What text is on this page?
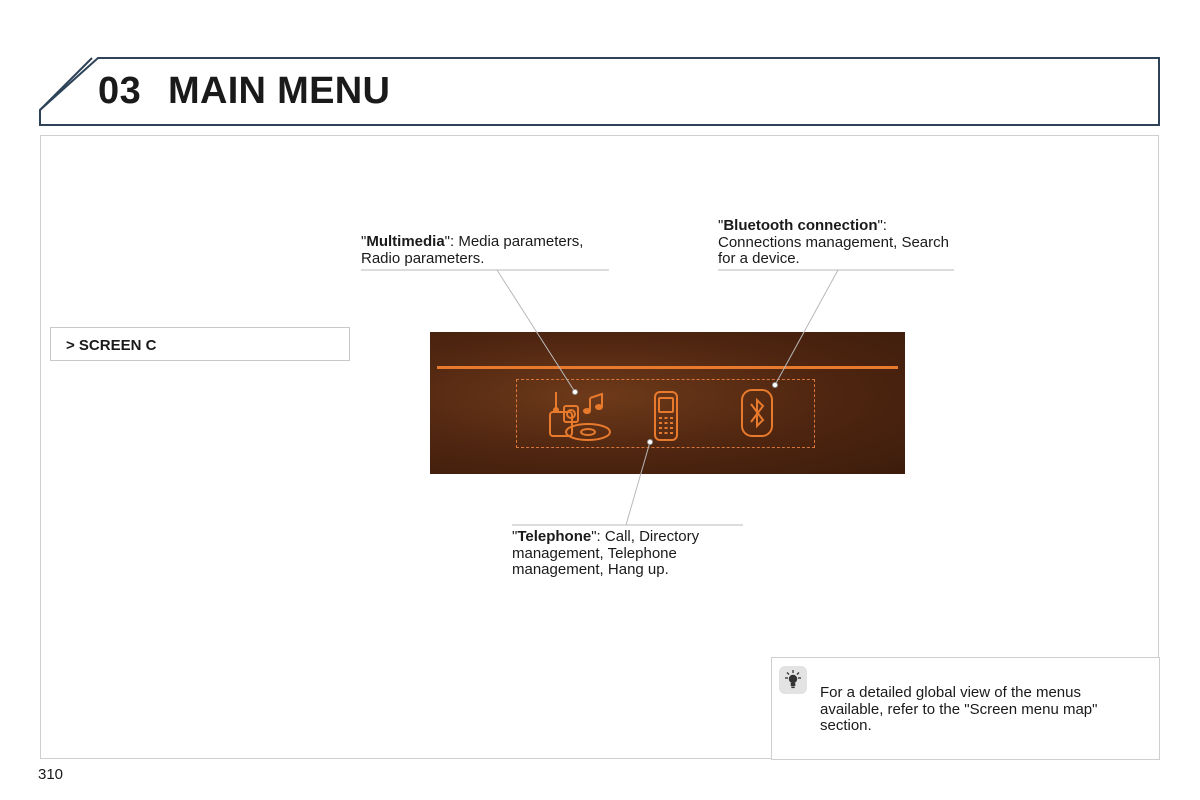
03 MAIN MENU
> SCREEN C
"Multimedia": Media parameters, Radio parameters.
"Bluetooth connection": Connections management, Search for a device.
"Telephone": Call, Directory management, Telephone management, Hang up.
For a detailed global view of the menus available, refer to the "Screen menu map" section.
310
